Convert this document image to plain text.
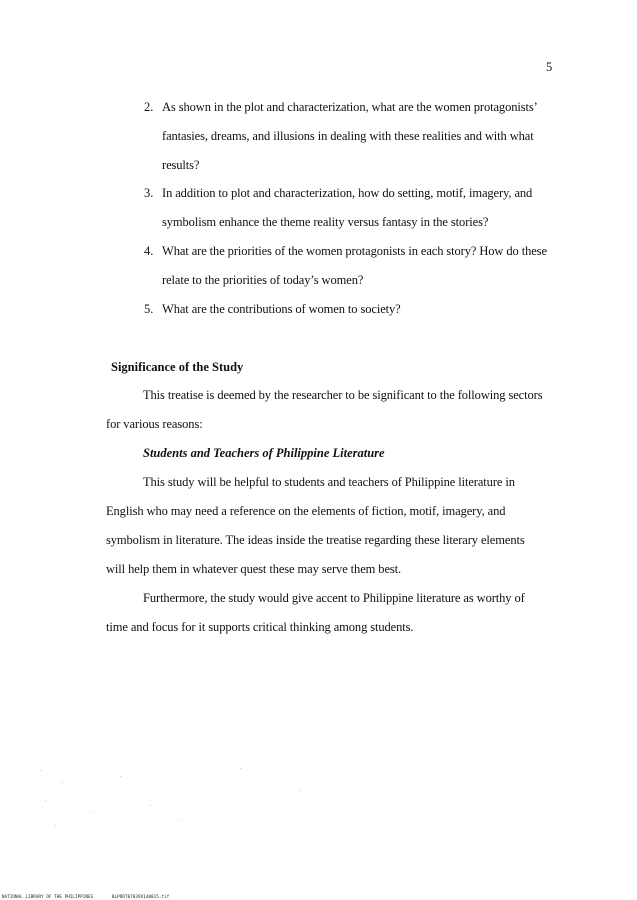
5
2. As shown in the plot and characterization, what are the women protagonists’
fantasies, dreams, and illusions in dealing with these realities and with what
results?
3. In addition to plot and characterization, how do setting, motif, imagery, and
symbolism enhance the theme reality versus fantasy in the stories?
4. What are the priorities of the women protagonists in each story? How do these
relate to the priorities of today’s women?
5. What are the contributions of women to society?
Significance of the Study
This treatise is deemed by the researcher to be significant to the following sectors
for various reasons:
Students and Teachers of Philippine Literature
This study will be helpful to students and teachers of Philippine literature in
English who may need a reference on the elements of fiction, motif, imagery, and
symbolism in literature. The ideas inside the treatise regarding these literary elements
will help them in whatever quest these may serve them best.
Furthermore, the study would give accent to Philippine literature as worthy of
time and focus for it supports critical thinking among students.
NATIONAL LIBRARY OF THE PHILIPPINES	BLPDRT07039V140015.tif
